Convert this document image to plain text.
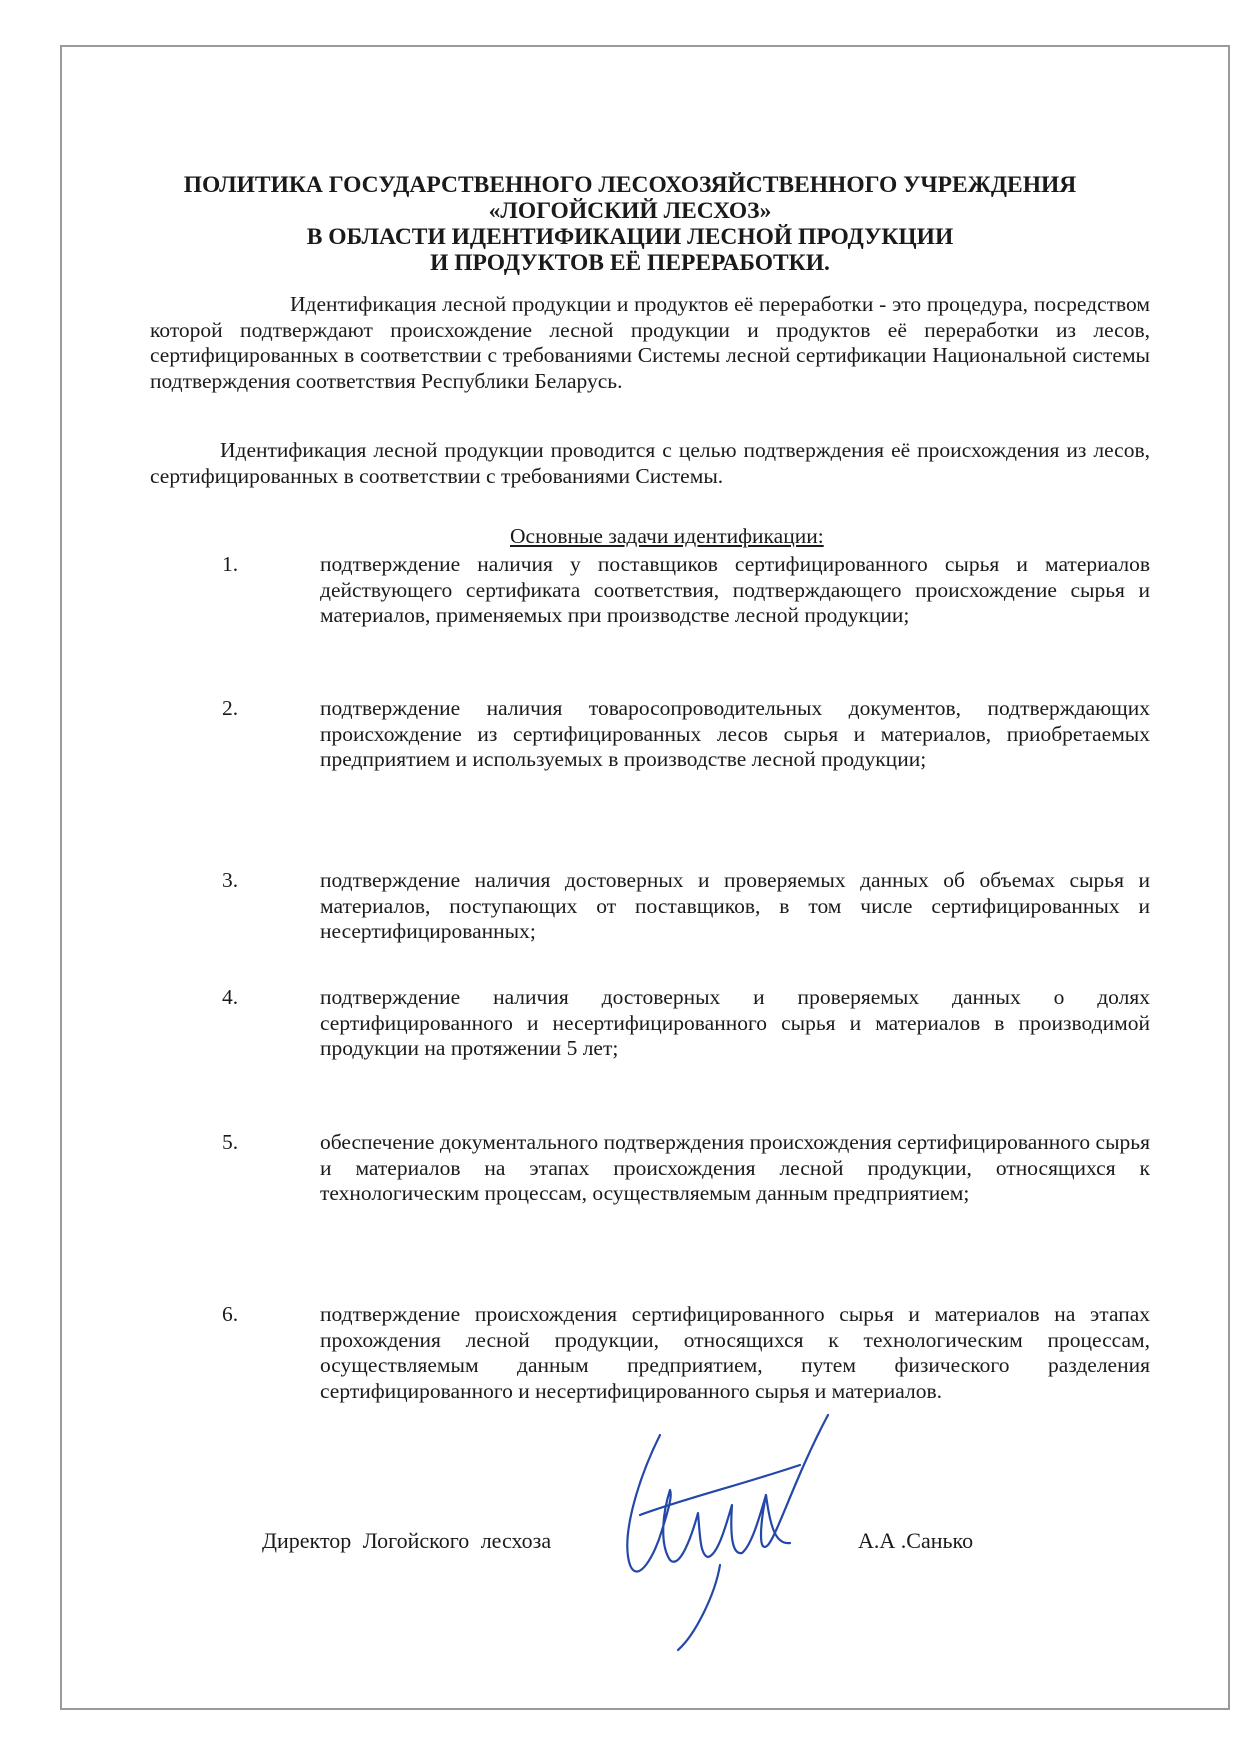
ПОЛИТИКА ГОСУДАРСТВЕННОГО ЛЕСОХОЗЯЙСТВЕННОГО УЧРЕЖДЕНИЯ
«ЛОГОЙСКИЙ ЛЕСХОЗ»
В ОБЛАСТИ ИДЕНТИФИКАЦИИ ЛЕСНОЙ ПРОДУКЦИИ
И ПРОДУКТОВ ЕЁ ПЕРЕРАБОТКИ.

Идентификация лесной продукции и продуктов её переработки - это процедура, посредством которой подтверждают происхождение лесной продукции и продуктов её переработки из лесов, сертифицированных в соответствии с требованиями Системы лесной сертификации Национальной системы подтверждения соответствия Республики Беларусь.

Идентификация лесной продукции проводится с целью подтверждения её происхождения из лесов, сертифицированных в соответствии с требованиями Системы.

Основные задачи идентификации:
1.	подтверждение наличия у поставщиков сертифицированного сырья и материалов действующего сертификата соответствия, подтверждающего происхождение сырья и материалов, применяемых при производстве лесной продукции;

2.	подтверждение наличия товаросопроводительных документов, подтверждающих происхождение из сертифицированных лесов сырья и материалов, приобретаемых предприятием и используемых в производстве лесной продукции;

3.	подтверждение наличия достоверных и проверяемых данных об объемах сырья и материалов, поступающих от поставщиков, в том числе сертифицированных и несертифицированных;

4.	подтверждение наличия достоверных и проверяемых данных о долях сертифицированного и несертифицированного сырья и материалов в производимой продукции на протяжении 5 лет;

5.	обеспечение документального подтверждения происхождения сертифицированного сырья и материалов на этапах происхождения лесной продукции, относящихся к технологическим процессам, осуществляемым данным предприятием;

6.	подтверждение происхождения сертифицированного сырья и материалов на этапах прохождения лесной продукции, относящихся к технологическим процессам, осуществляемым данным предприятием, путем физического разделения сертифицированного и несертифицированного сырья и материалов.

Директор Логойского лесхоза	А.А .Санько
